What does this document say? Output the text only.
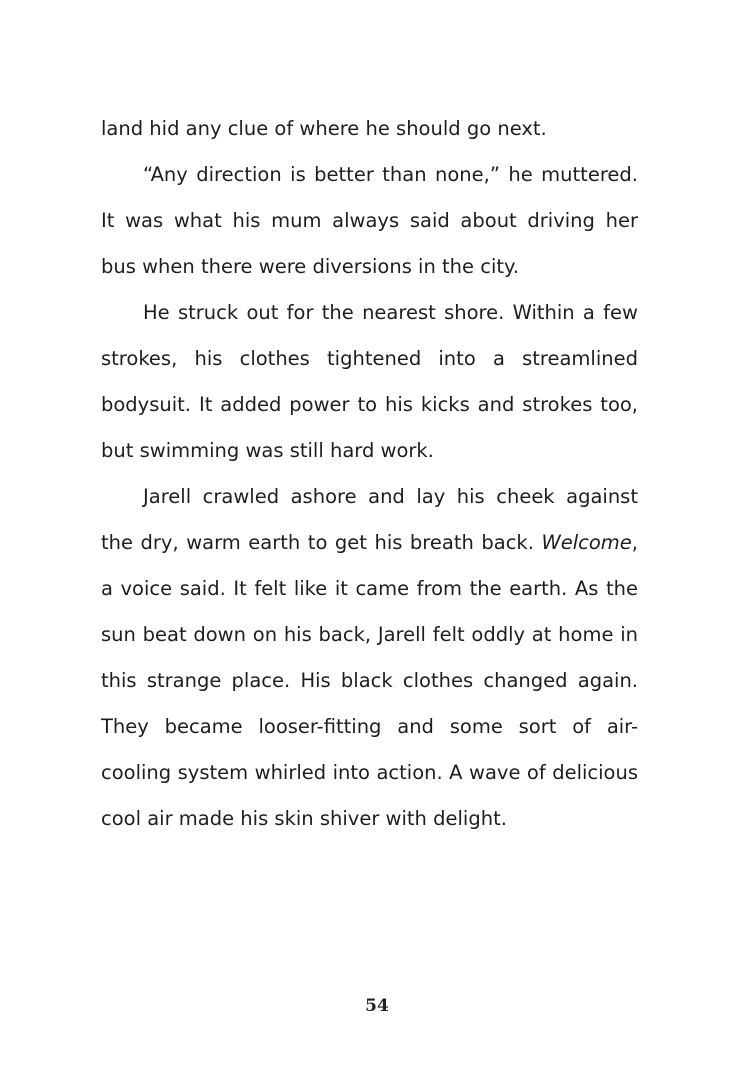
land hid any clue of where he should go next.

“Any direction is better than none,” he muttered. It was what his mum always said about driving her bus when there were diversions in the city.

He struck out for the nearest shore. Within a few strokes, his clothes tightened into a streamlined bodysuit. It added power to his kicks and strokes too, but swimming was still hard work.

Jarell crawled ashore and lay his cheek against the dry, warm earth to get his breath back. Welcome, a voice said. It felt like it came from the earth. As the sun beat down on his back, Jarell felt oddly at home in this strange place. His black clothes changed again. They became looser-fitting and some sort of air-cooling system whirled into action. A wave of delicious cool air made his skin shiver with delight.

54
